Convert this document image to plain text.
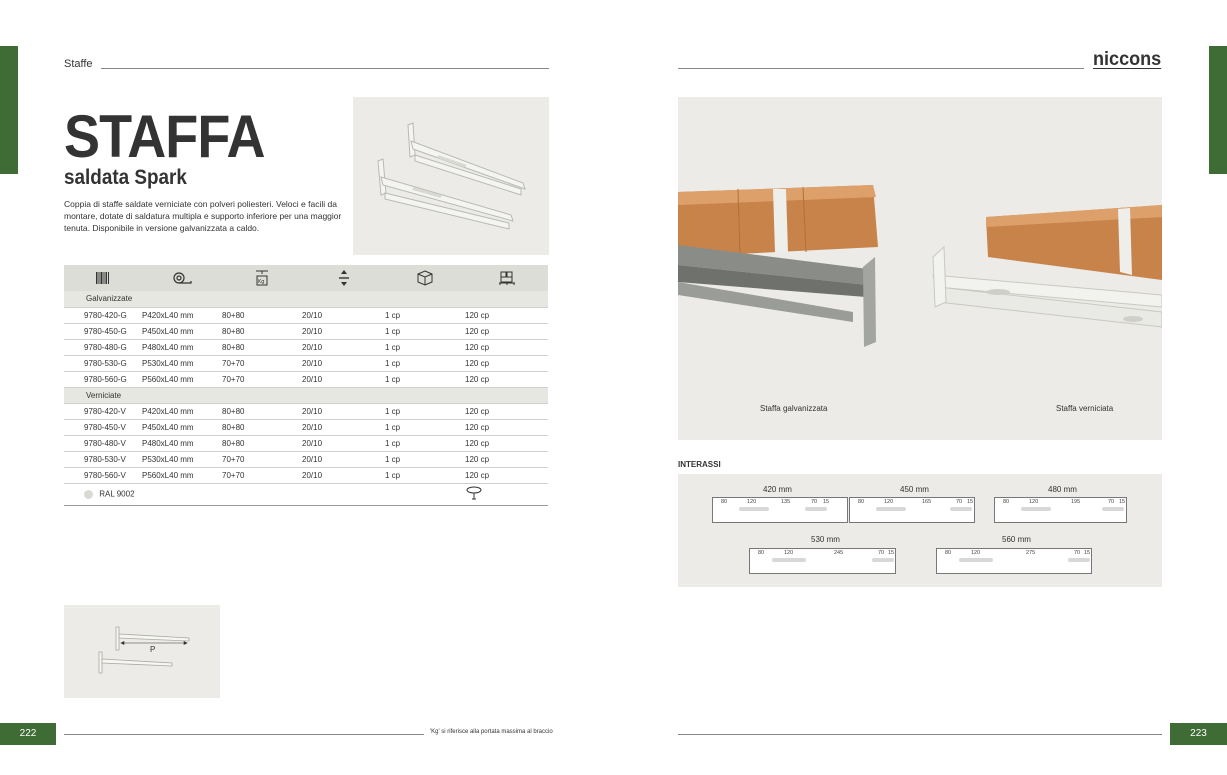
Staffe
STAFFA
saldata Spark
Coppia di staffe saldate verniciate con polveri poliesteri. Veloci e facili da montare, dotate di saldatura multipla e supporto inferiore per una maggior tenuta. Disponibile in versione galvanizzata a caldo.

Kg

Galvanizzate					
9780-420-G	P420xL40 mm	80+80	20/10	1 cp	120 cp
9780-450-G	P450xL40 mm	80+80	20/10	1 cp	120 cp
9780-480-G	P480xL40 mm	80+80	20/10	1 cp	120 cp
9780-530-G	P530xL40 mm	70+70	20/10	1 cp	120 cp
9780-560-G	P560xL40 mm	70+70	20/10	1 cp	120 cp
Verniciate					
9780-420-V	P420xL40 mm	80+80	20/10	1 cp	120 cp
9780-450-V	P450xL40 mm	80+80	20/10	1 cp	120 cp
9780-480-V	P480xL40 mm	80+80	20/10	1 cp	120 cp
9780-530-V	P530xL40 mm	70+70	20/10	1 cp	120 cp
9780-560-V	P560xL40 mm	70+70	20/10	1 cp	120 cp
RAL 9002	
P
222	'Kg' si riferisce alla portata massima al braccio
niccons
Staffa galvanizzata	Staffa verniciata
INTERASSI
420 mm
80	120	135	70 15
450 mm
80	120	165	70 15
480 mm
80	120	195	70 15
530 mm
80	120	245	70 15
560 mm
80	120	275	70 15
223
